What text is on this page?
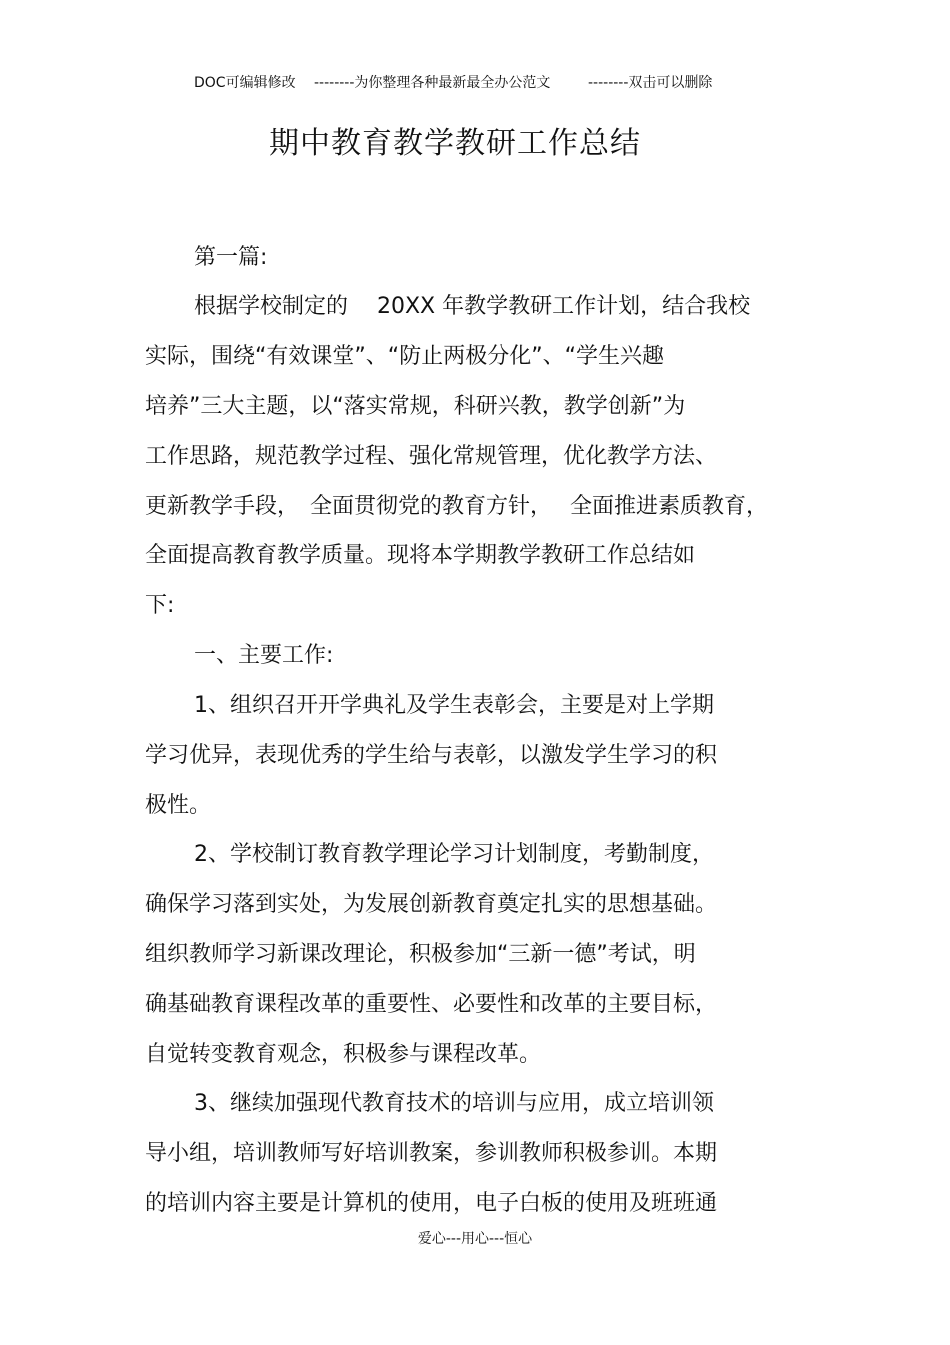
DOC可编辑修改 --------为你整理各种最新最全办公范文	--------双击可以删除
期中教育教学教研工作总结
第一篇:
根据学校制定的　 20XX 年教学教研工作计划，结合我校
实际，围绕“有效课堂”、“防止两极分化”、“学生兴趣
培养”三大主题，以“落实常规，科研兴教，教学创新”为
工作思路，规范教学过程、强化常规管理，优化教学方法、
更新教学手段，　全面贯彻党的教育方针，　 全面推进素质教育，
全面提高教育教学质量。现将本学期教学教研工作总结如
下:
一、主要工作:
1、组织召开开学典礼及学生表彰会，主要是对上学期
学习优异，表现优秀的学生给与表彰，以激发学生学习的积
极性。
2、学校制订教育教学理论学习计划制度，考勤制度，
确保学习落到实处，为发展创新教育奠定扎实的思想基础。
组织教师学习新课改理论，积极参加“三新一德”考试，明
确基础教育课程改革的重要性、必要性和改革的主要目标，
自觉转变教育观念，积极参与课程改革。
3、继续加强现代教育技术的培训与应用，成立培训领
导小组，培训教师写好培训教案，参训教师积极参训。本期
的培训内容主要是计算机的使用，电子白板的使用及班班通
爱心---用心---恒心
